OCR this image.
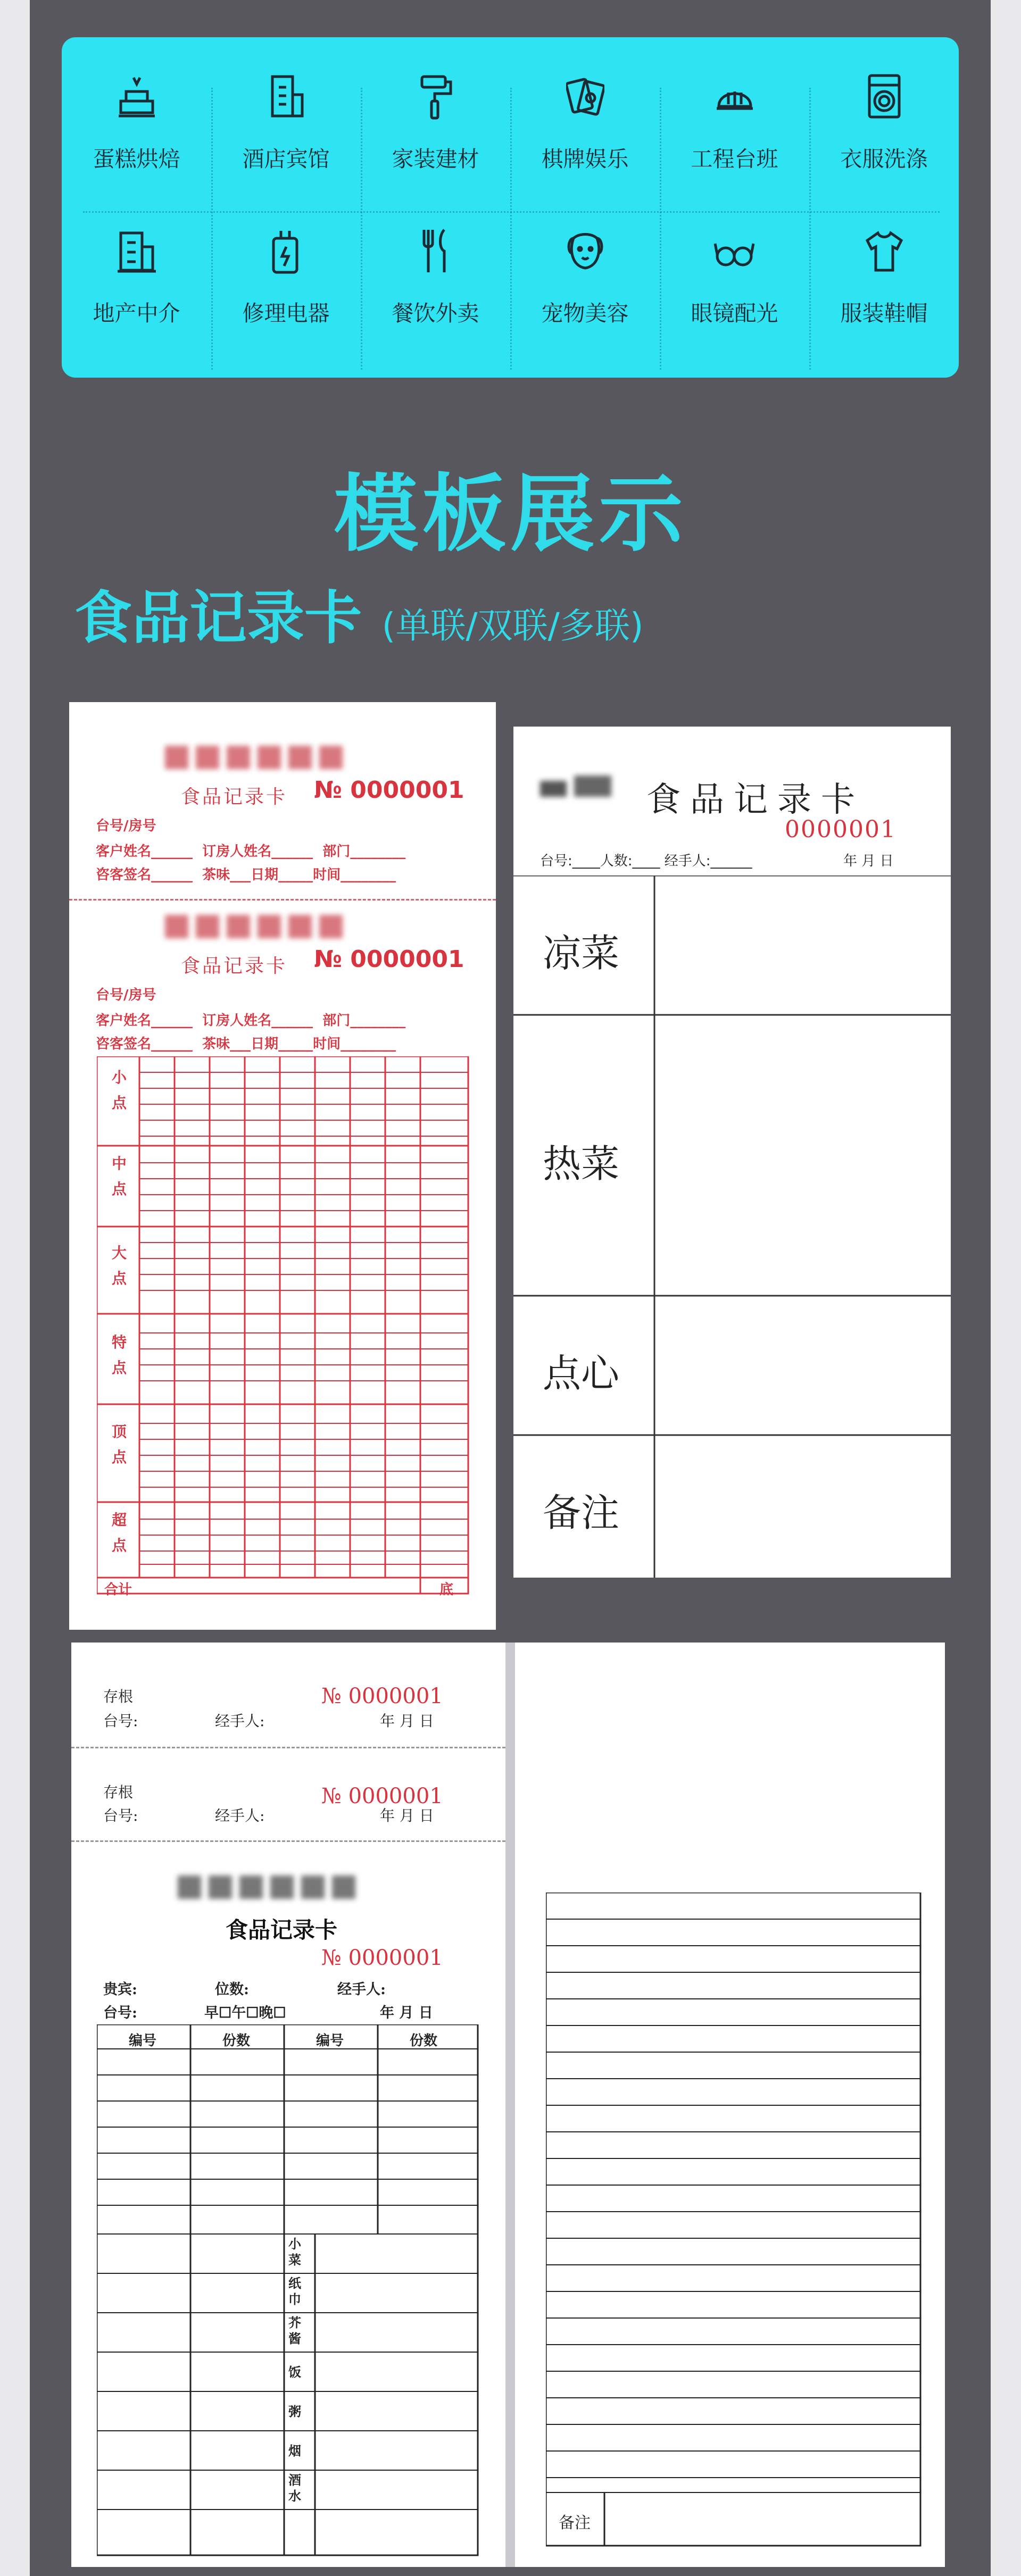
蛋糕烘焙	酒店宾馆	家装建材	棋牌娱乐	工程台班	衣服洗涤
地产中介	修理电器	餐饮外卖	宠物美容	眼镜配光	服装鞋帽
模板展示
食品记录卡 (单联/双联/多联)
食品记录卡 № 0000001
台号/房号
客户姓名______  订房人姓名______  部门________
咨客签名______  茶味___日期_____时间________
食品记录卡 № 0000001
台号/房号
客户姓名______  订房人姓名______  部门________
咨客签名______  茶味___日期_____时间________
小点
中点
大点
特点
顶点
超点
合计	底
食品记录卡
0000001
台号:____人数:____ 经手人:______	年 月 日
凉菜
热菜
点心
备注
存根	№ 0000001
台号:	经手人:	年 月 日
存根	№ 0000001
台号:	经手人:	年 月 日
食品记录卡
№ 0000001
贵宾:	位数:	经手人:
台号:	早☐午☐晚☐	年 月 日
编号	份数	编号	份数
小菜
纸巾
芥酱
饭
粥
烟
酒水
备注
